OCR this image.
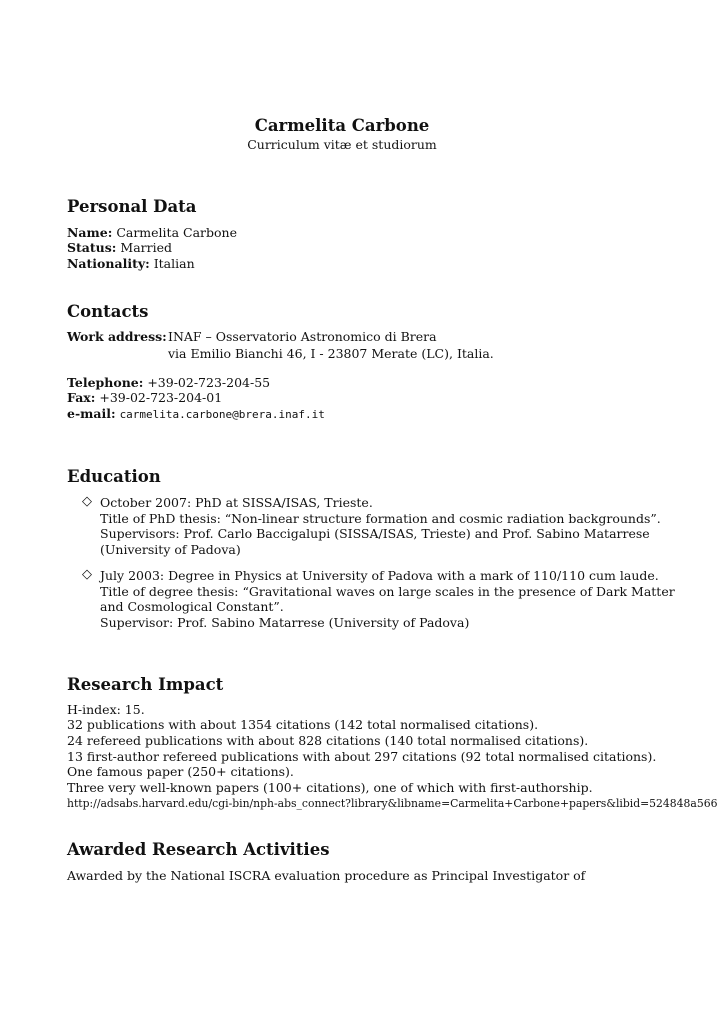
Carmelita Carbone
Curriculum vitæ et studiorum
Personal Data
Name: Carmelita Carbone
Status: Married
Nationality: Italian
Contacts
Work address: INAF – Osservatorio Astronomico di Brera
via Emilio Bianchi 46, I - 23807 Merate (LC), Italia.
Telephone: +39-02-723-204-55
Fax: +39-02-723-204-01
e-mail: carmelita.carbone@brera.inaf.it
Education
◇ October 2007: PhD at SISSA/ISAS, Trieste.
Title of PhD thesis: “Non-linear structure formation and cosmic radiation backgrounds”.
Supervisors: Prof. Carlo Baccigalupi (SISSA/ISAS, Trieste) and Prof. Sabino Matarrese
(University of Padova)
◇ July 2003: Degree in Physics at University of Padova with a mark of 110/110 cum laude.
Title of degree thesis: “Gravitational waves on large scales in the presence of Dark Matter
and Cosmological Constant”.
Supervisor: Prof. Sabino Matarrese (University of Padova)
Research Impact
H-index: 15.
32 publications with about 1354 citations (142 total normalised citations).
24 refereed publications with about 828 citations (140 total normalised citations).
13 first-author refereed publications with about 297 citations (92 total normalised citations).
One famous paper (250+ citations).
Three very well-known papers (100+ citations), one of which with first-authorship.
http://adsabs.harvard.edu/cgi-bin/nph-abs_connect?library&libname=Carmelita+Carbone+papers&libid=524848a566
Awarded Research Activities
Awarded by the National ISCRA evaluation procedure as Principal Investigator of
